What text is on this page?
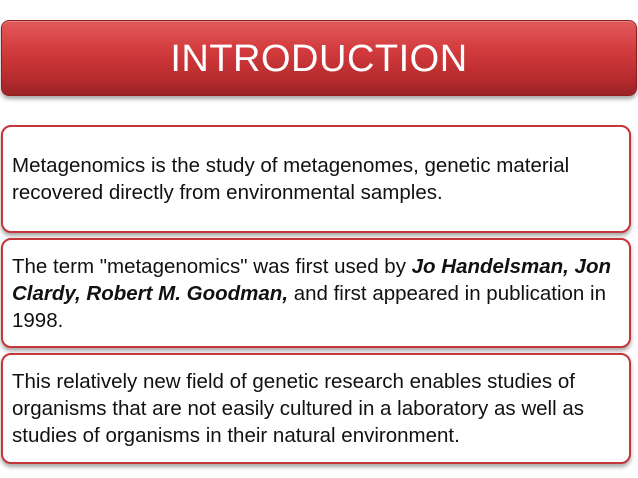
INTRODUCTION

Metagenomics is the study of metagenomes, genetic material recovered directly from environmental samples.

The term "metagenomics" was first used by Jo Handelsman, Jon Clardy, Robert M. Goodman, and first appeared in publication in 1998.

This relatively new field of genetic research enables studies of organisms that are not easily cultured in a laboratory as well as studies of organisms in their natural environment.
